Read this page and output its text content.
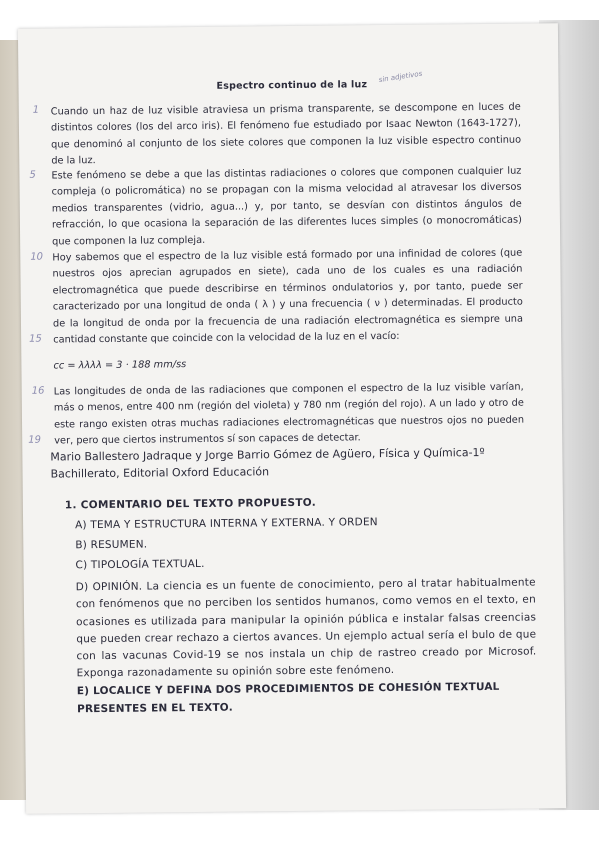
Espectro continuo de la luz
sin adjetivos
1
5
10
15
16
19
Cuando un haz de luz visible atraviesa un prisma transparente, se descompone en luces de distintos colores (los del arco iris). El fenómeno fue estudiado por Isaac Newton (1643-1727), que denominó al conjunto de los siete colores que componen la luz visible espectro continuo de la luz.
Este fenómeno se debe a que las distintas radiaciones o colores que componen cualquier luz compleja (o policromática) no se propagan con la misma velocidad al atravesar los diversos medios transparentes (vidrio, agua...) y, por tanto, se desvían con distintos ángulos de refracción, lo que ocasiona la separación de las diferentes luces simples (o monocromáticas) que componen la luz compleja.
Hoy sabemos que el espectro de la luz visible está formado por una infinidad de colores (que nuestros ojos aprecian agrupados en siete), cada uno de los cuales es una radiación electromagnética que puede describirse en términos ondulatorios y, por tanto, puede ser caracterizado por una longitud de onda ( λ ) y una frecuencia ( ν ) determinadas. El producto de la longitud de onda por la frecuencia de una radiación electromagnética es siempre una cantidad constante que coincide con la velocidad de la luz en el vacío:
cc = λλλλ = 3 · 188 mm/ss
Las longitudes de onda de las radiaciones que componen el espectro de la luz visible varían, más o menos, entre 400 nm (región del violeta) y 780 nm (región del rojo). A un lado y otro de este rango existen otras muchas radiaciones electromagnéticas que nuestros ojos no pueden ver, pero que ciertos instrumentos sí son capaces de detectar.
Mario Ballestero Jadraque y Jorge Barrio Gómez de Agüero, Física y Química-1º Bachillerato, Editorial Oxford Educación
1. COMENTARIO DEL TEXTO PROPUESTO.
A) TEMA Y ESTRUCTURA INTERNA Y EXTERNA. Y ORDEN
B) RESUMEN.
C) TIPOLOGÍA TEXTUAL.
D) OPINIÓN. La ciencia es un fuente de conocimiento, pero al tratar habitualmente con fenómenos que no perciben los sentidos humanos, como vemos en el texto, en ocasiones es utilizada para manipular la opinión pública e instalar falsas creencias que pueden crear rechazo a ciertos avances. Un ejemplo actual sería el bulo de que con las vacunas Covid-19 se nos instala un chip de rastreo creado por Microsof. Exponga razonadamente su opinión sobre este fenómeno.
E) LOCALICE Y DEFINA DOS PROCEDIMIENTOS DE COHESIÓN TEXTUAL PRESENTES EN EL TEXTO.
